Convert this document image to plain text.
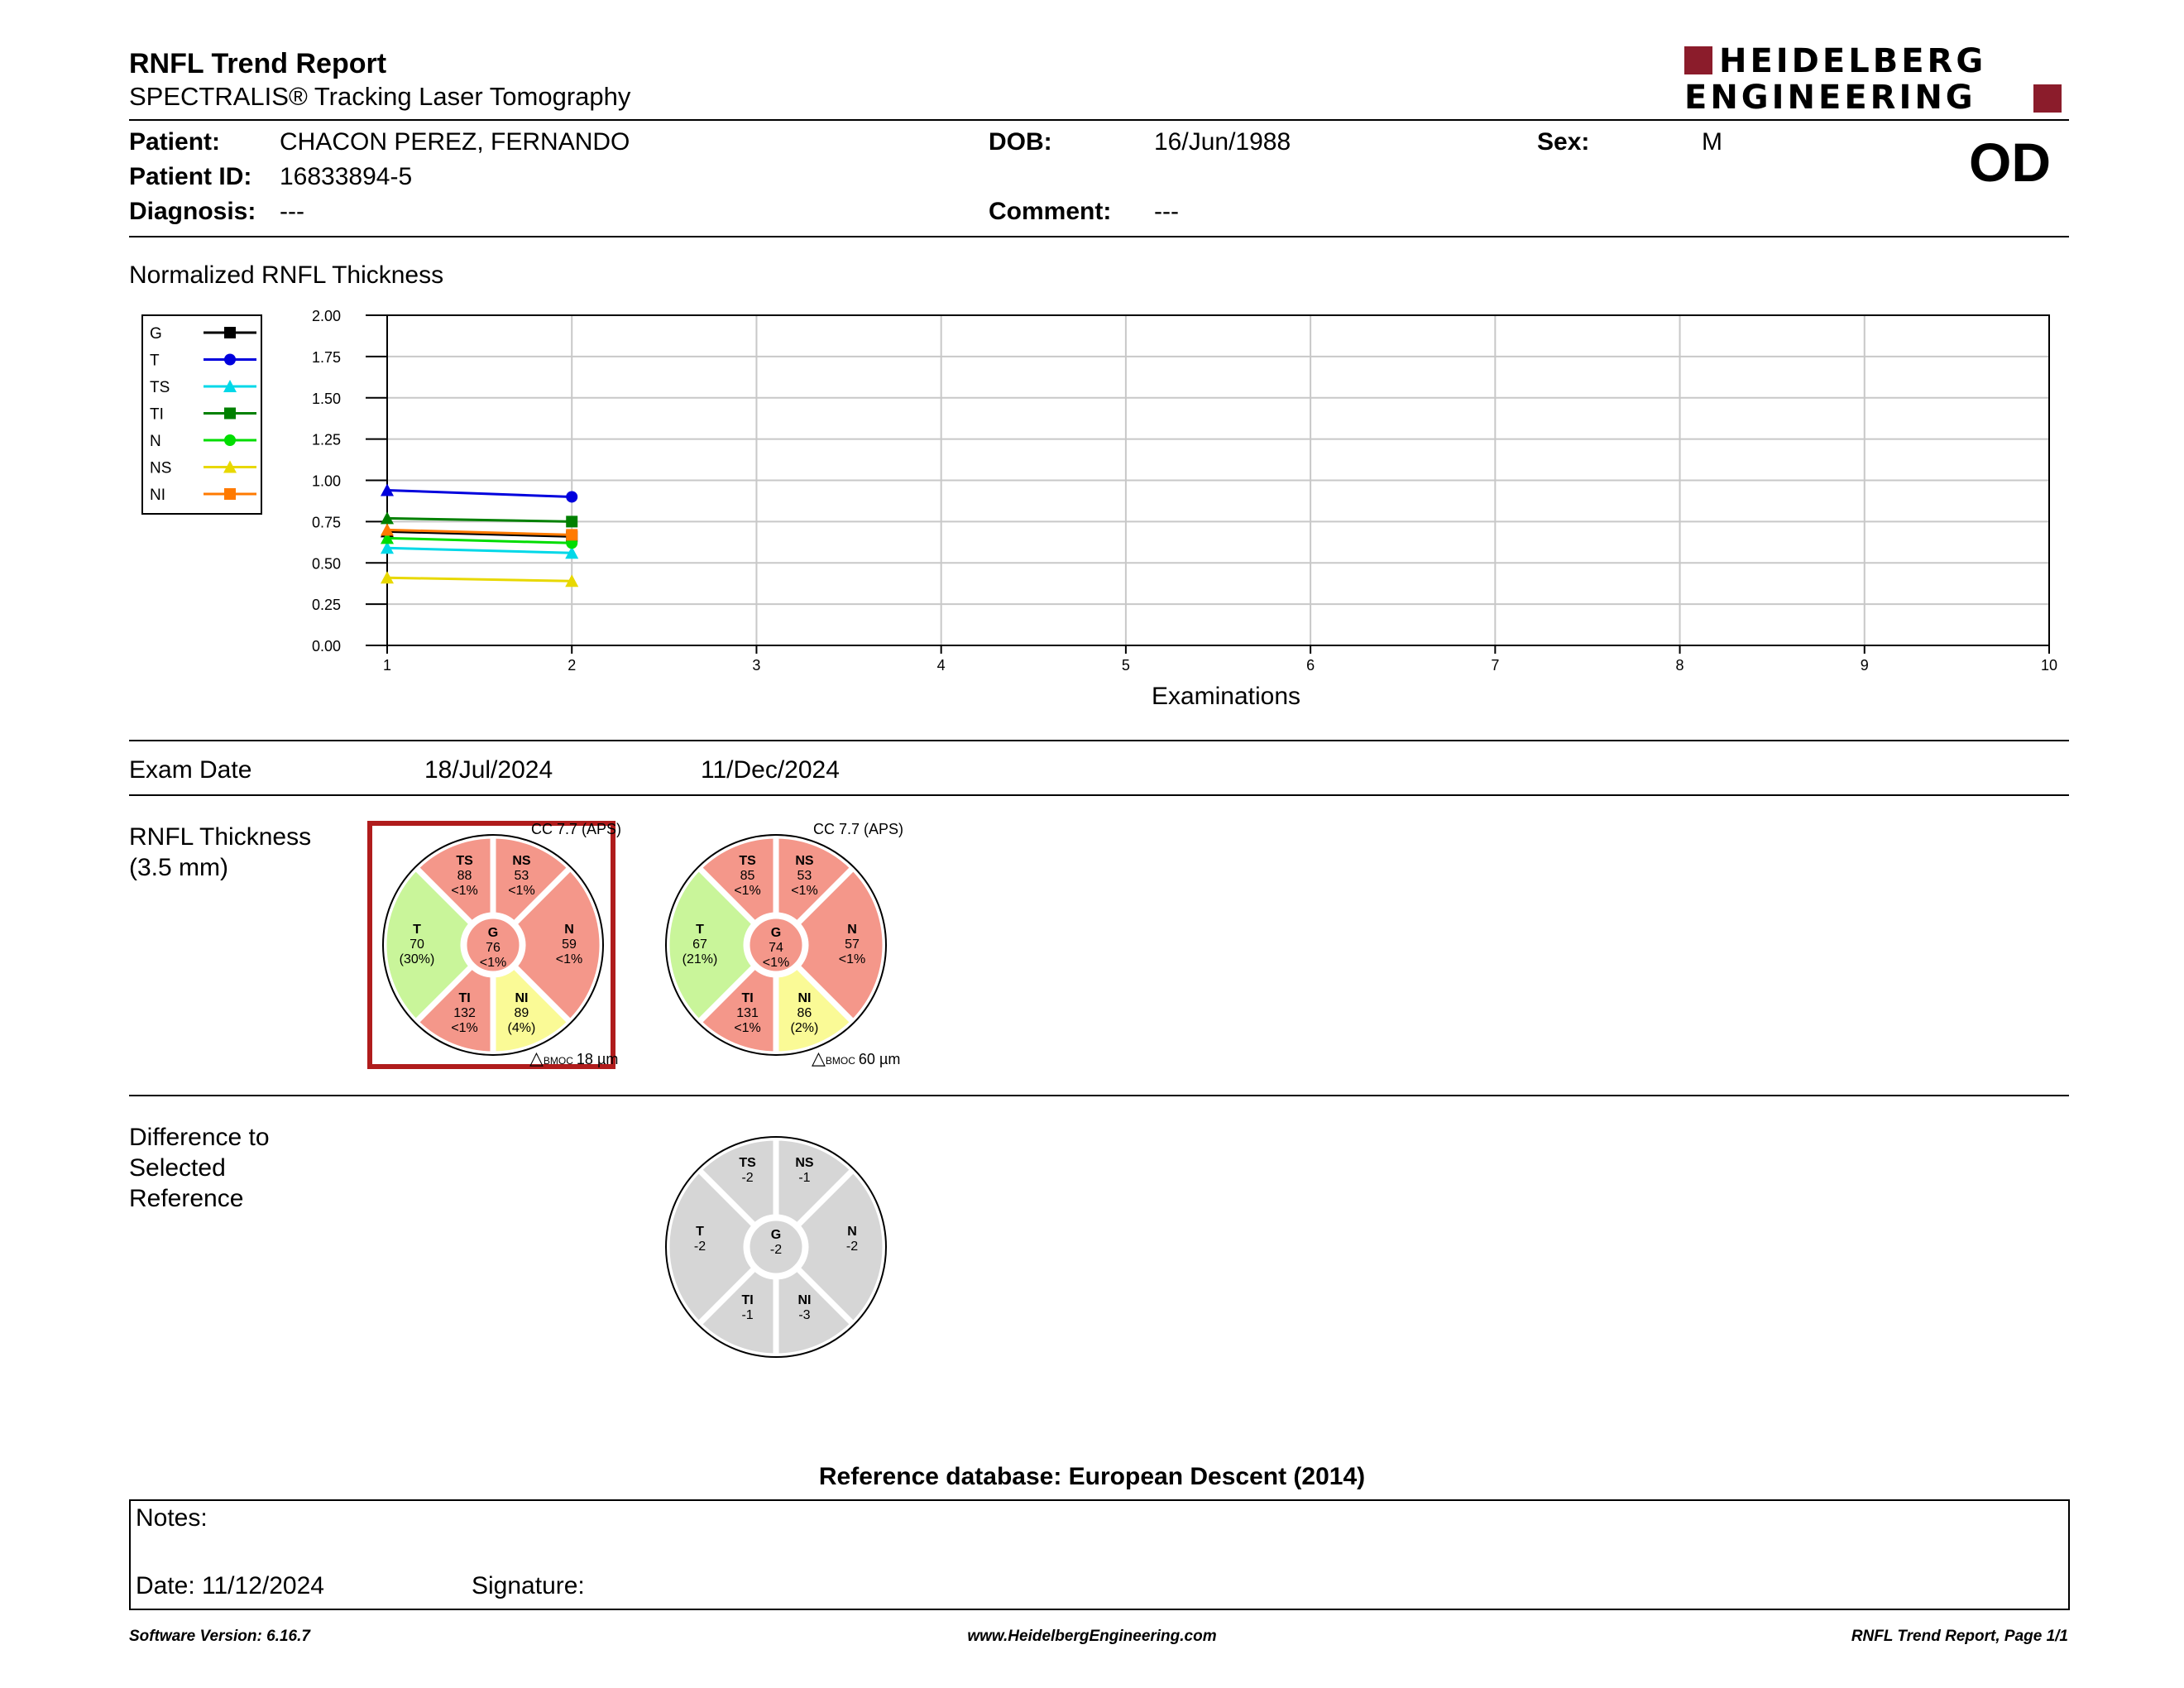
RNFL Trend Report
SPECTRALIS® Tracking Laser Tomography
HEIDELBERG
ENGINEERING
Patient: CHACON PEREZ, FERNANDO
Patient ID: 16833894-5
Diagnosis: ---
DOB:	16/Jun/1988
Comment: ---
Sex:	M	OD
Normalized RNFL Thickness
G
T
TS
TI
N
NS
NI
0.00
0.25
0.50
0.75
1.00
1.25
1.50
1.75
2.00
1	2	3	4	5	6	7	8	9	10
Examinations
Exam Date	18/Jul/2024	11/Dec/2024
RNFL Thickness
(3.5 mm)
N
59
<1%
NS
53
<1%
TS
88
<1%
T
70
(30%)
TI
132
<1%
NI
89
(4%)
G
76
<1%
N
57
<1%
NS
53
<1%
TS
85
<1%
T
67
(21%)
TI
131
<1%
NI
86
(2%)
G
74
<1%
CC 7.7 (APS)	CC 7.7 (APS)
△ BMOC 18 µm	△ BMOC 60 µm
Difference to
Selected
Reference
N
-2
NS
-1
TS
-2
T
-2
TI
-1
NI
-3
G
-2
Reference database: European Descent (2014)
Notes:
Date: 11/12/2024	Signature:
Software Version: 6.16.7	www.HeidelbergEngineering.com	RNFL Trend Report, Page 1/1
